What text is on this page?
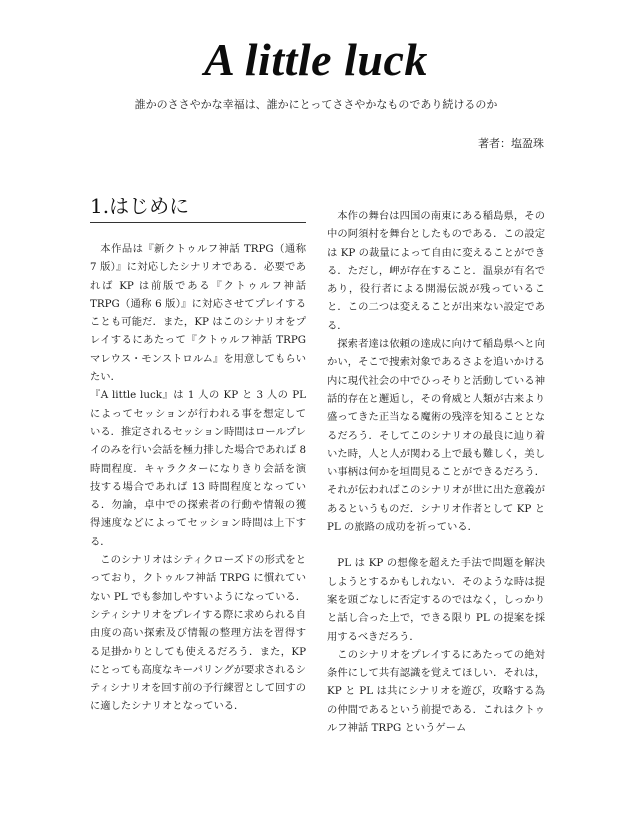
A little luck
誰かのささやかな幸福は、誰かにとってささやかなものであり続けるのか
著者：塩盈珠
1.はじめに

本作品は『新クトゥルフ神話 TRPG（通称 7 版）』に対応したシナリオである．必要であれば KP は前版である『クトゥルフ神話 TRPG（通称 6 版）』に対応させてプレイすることも可能だ．また，KP はこのシナリオをプレイするにあたって『クトゥルフ神話 TRPG　マレウス・モンストロルム』を用意してもらいたい．

『A little luck』は 1 人の KP と 3 人の PL によってセッションが行われる事を想定している．推定されるセッション時間はロールプレイのみを行い会話を極力排した場合であれば 8 時間程度．キャラクターになりきり会話を演技する場合であれば 13 時間程度となっている．勿論，卓中での探索者の行動や情報の獲得速度などによってセッション時間は上下する．

このシナリオはシティクローズドの形式をとっており，クトゥルフ神話 TRPG に慣れていない PL でも参加しやすいようになっている．シティシナリオをプレイする際に求められる自由度の高い探索及び情報の整理方法を習得する足掛かりとしても使えるだろう．また，KP にとっても高度なキーパリングが要求されるシティシナリオを回す前の予行練習として回すのに適したシナリオとなっている．

本作の舞台は四国の南東にある稲島県，その中の阿須村を舞台としたものである．この設定は KP の裁量によって自由に変えることができる．ただし，岬が存在すること．温泉が有名であり，役行者による開湯伝説が残っていること．この二つは変えることが出来ない設定である．

探索者達は依頼の達成に向けて稲島県へと向かい，そこで捜索対象であるさよを追いかける内に現代社会の中でひっそりと活動している神話的存在と邂逅し，その脅威と人類が古来より盛ってきた正当なる魔術の残滓を知ることとなるだろう．そしてこのシナリオの最良に辿り着いた時，人と人が関わる上で最も難しく，美しい事柄は何かを垣間見ることができるだろう．それが伝わればこのシナリオが世に出た意義があるというものだ．シナリオ作者として KP と PL の旅路の成功を祈っている．

PL は KP の想像を超えた手法で問題を解決しようとするかもしれない．そのような時は提案を頭ごなしに否定するのではなく，しっかりと話し合った上で，できる限り PL の提案を採用するべきだろう．

このシナリオをプレイするにあたっての絶対条件にして共有認識を覚えてほしい．それは，KP と PL は共にシナリオを遊び，攻略する為の仲間であるという前提である．これはクトゥルフ神話 TRPG というゲーム
